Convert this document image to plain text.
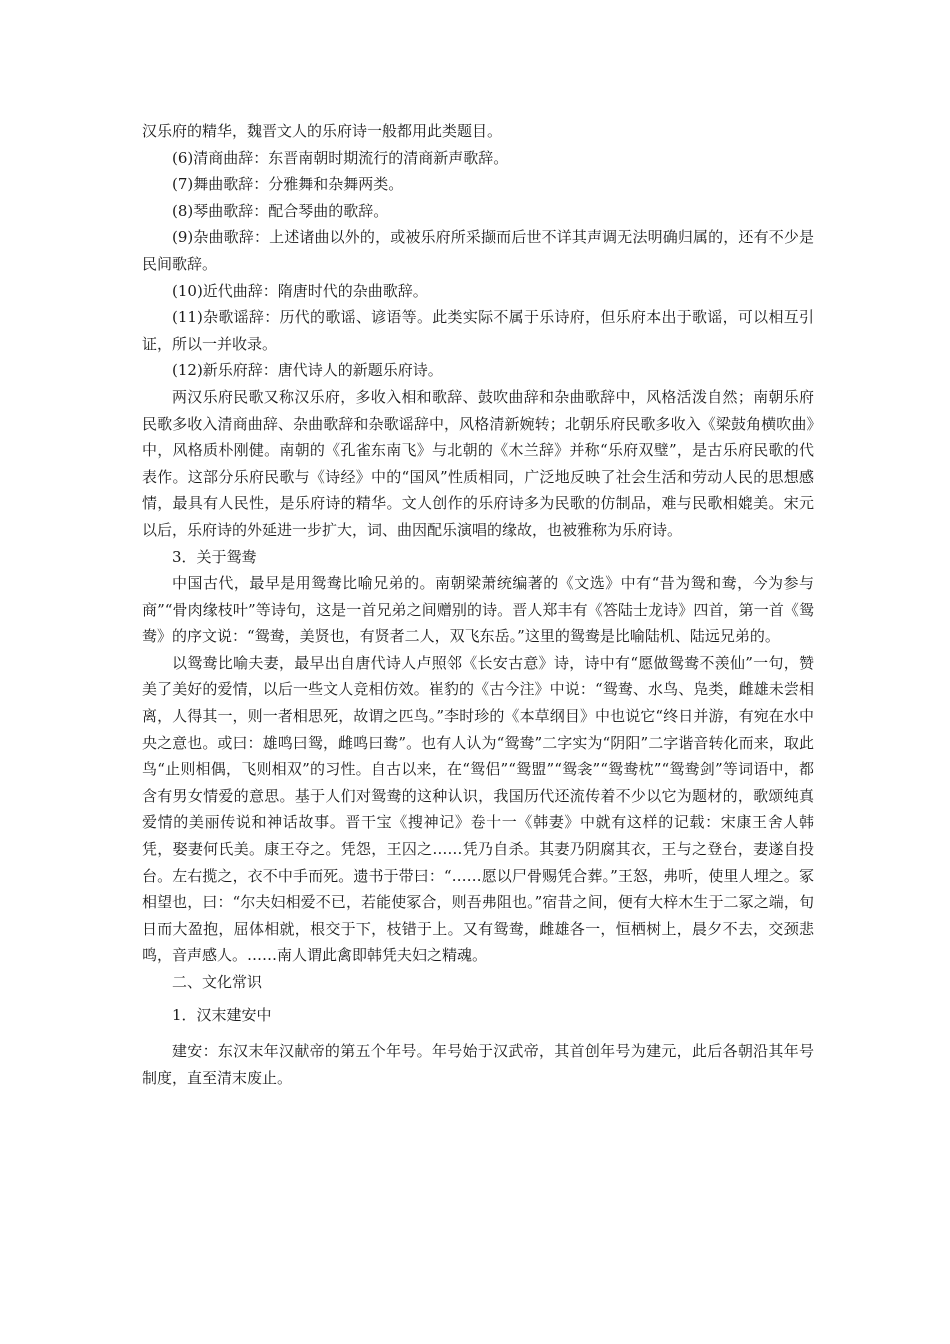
汉乐府的精华，魏晋文人的乐府诗一般都用此类题目。

(6)清商曲辞：东晋南朝时期流行的清商新声歌辞。

(7)舞曲歌辞：分雅舞和杂舞两类。

(8)琴曲歌辞：配合琴曲的歌辞。

(9)杂曲歌辞：上述诸曲以外的，或被乐府所采撷而后世不详其声调无法明确归属的，还有不少是民间歌辞。

(10)近代曲辞：隋唐时代的杂曲歌辞。

(11)杂歌谣辞：历代的歌谣、谚语等。此类实际不属于乐诗府，但乐府本出于歌谣，可以相互引证，所以一并收录。

(12)新乐府辞：唐代诗人的新题乐府诗。

两汉乐府民歌又称汉乐府，多收入相和歌辞、鼓吹曲辞和杂曲歌辞中，风格活泼自然；南朝乐府民歌多收入清商曲辞、杂曲歌辞和杂歌谣辞中，风格清新婉转；北朝乐府民歌多收入《梁鼓角横吹曲》中，风格质朴刚健。南朝的《孔雀东南飞》与北朝的《木兰辞》并称“乐府双璧”，是古乐府民歌的代表作。这部分乐府民歌与《诗经》中的“国风”性质相同，广泛地反映了社会生活和劳动人民的思想感情，最具有人民性，是乐府诗的精华。文人创作的乐府诗多为民歌的仿制品，难与民歌相媲美。宋元以后，乐府诗的外延进一步扩大，词、曲因配乐演唱的缘故，也被雅称为乐府诗。

3．关于鸳鸯

中国古代，最早是用鸳鸯比喻兄弟的。南朝梁萧统编著的《文选》中有“昔为鸳和鸯，今为参与商”“骨肉缘枝叶”等诗句，这是一首兄弟之间赠别的诗。晋人郑丰有《答陆士龙诗》四首，第一首《鸳鸯》的序文说：“鸳鸯，美贤也，有贤者二人，双飞东岳。”这里的鸳鸯是比喻陆机、陆远兄弟的。

以鸳鸯比喻夫妻，最早出自唐代诗人卢照邻《长安古意》诗，诗中有“愿做鸳鸯不羡仙”一句，赞美了美好的爱情，以后一些文人竞相仿效。崔豹的《古今注》中说：“鸳鸯、水鸟、凫类，雌雄未尝相离，人得其一，则一者相思死，故谓之匹鸟。”李时珍的《本草纲目》中也说它“终日并游，有宛在水中央之意也。或曰：雄鸣曰鸳，雌鸣曰鸯”。也有人认为“鸳鸯”二字实为“阴阳”二字谐音转化而来，取此鸟“止则相偶，飞则相双”的习性。自古以来，在“鸳侣”“鸳盟”“鸳衾”“鸳鸯枕”“鸳鸯剑”等词语中，都含有男女情爱的意思。基于人们对鸳鸯的这种认识，我国历代还流传着不少以它为题材的，歌颂纯真爱情的美丽传说和神话故事。晋干宝《搜神记》卷十一《韩妻》中就有这样的记载：宋康王舍人韩凭，娶妻何氏美。康王夺之。凭怨，王囚之……凭乃自杀。其妻乃阴腐其衣，王与之登台，妻遂自投台。左右揽之，衣不中手而死。遗书于带曰：“……愿以尸骨赐凭合葬。”王怒，弗听，使里人埋之。冢相望也，曰：“尔夫妇相爱不已，若能使冢合，则吾弗阻也。”宿昔之间，便有大梓木生于二冢之端，旬日而大盈抱，屈体相就，根交于下，枝错于上。又有鸳鸯，雌雄各一，恒栖树上，晨夕不去，交颈悲鸣，音声感人。……南人谓此禽即韩凭夫妇之精魂。

二、文化常识

1．汉末建安中

建安：东汉末年汉献帝的第五个年号。年号始于汉武帝，其首创年号为建元，此后各朝沿其年号制度，直至清末废止。
